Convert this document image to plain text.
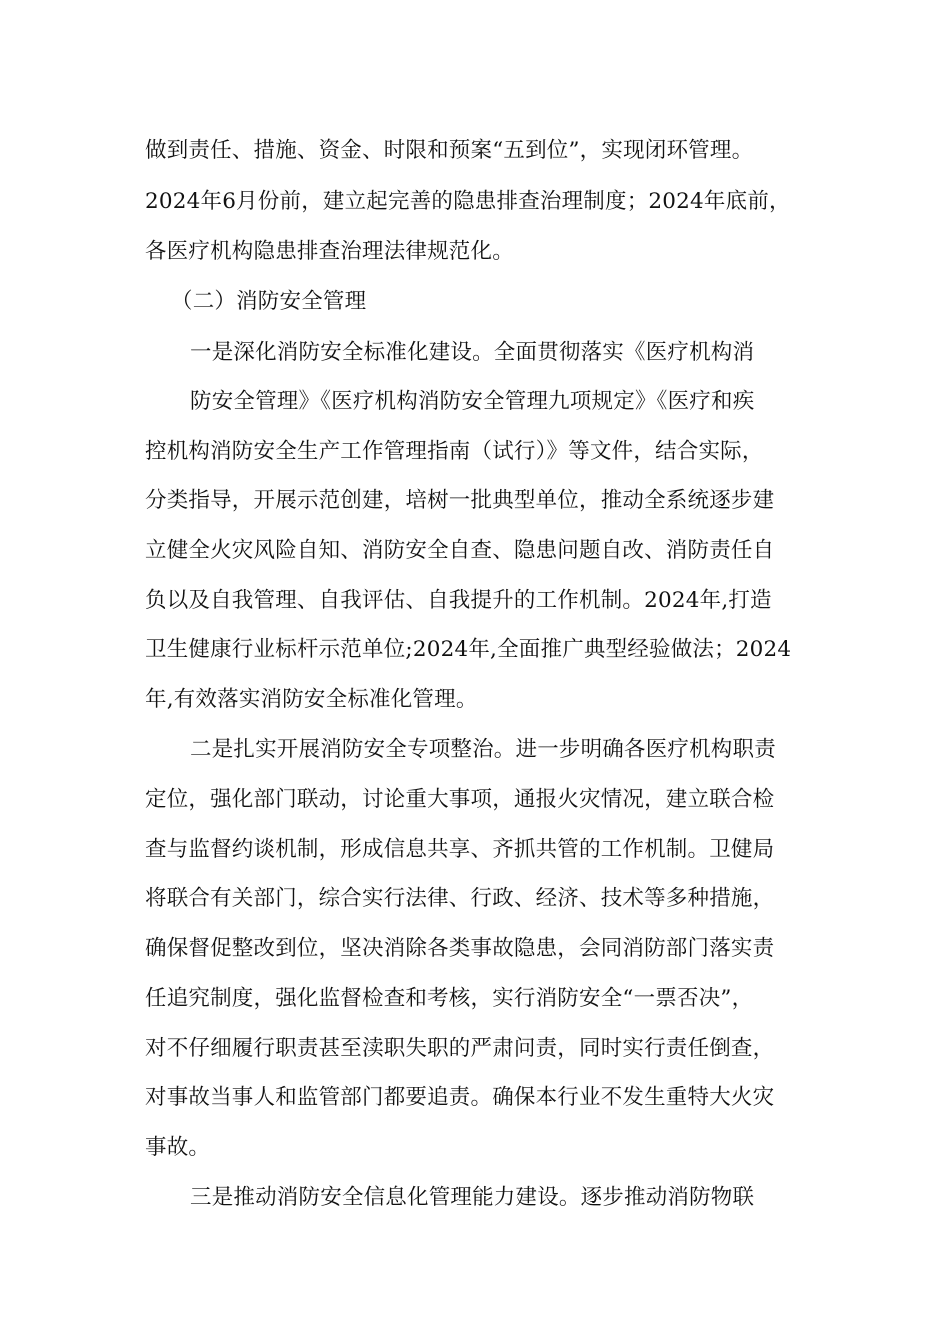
做到责任、措施、资金、时限和预案“五到位”，实现闭环管理。
2024年6月份前，建立起完善的隐患排查治理制度；2024年底前，
各医疗机构隐患排查治理法律规范化。
（二）消防安全管理
一是深化消防安全标准化建设。全面贯彻落实《医疗机构消
防安全管理》《医疗机构消防安全管理九项规定》《医疗和疾
控机构消防安全生产工作管理指南（试行）》等文件，结合实际，
分类指导，开展示范创建，培树一批典型单位，推动全系统逐步建
立健全火灾风险自知、消防安全自查、隐患问题自改、消防责任自
负以及自我管理、自我评估、自我提升的工作机制。2024年,打造
卫生健康行业标杆示范单位;2024年,全面推广典型经验做法；2024
年,有效落实消防安全标准化管理。
二是扎实开展消防安全专项整治。进一步明确各医疗机构职责
定位，强化部门联动，讨论重大事项，通报火灾情况，建立联合检
查与监督约谈机制，形成信息共享、齐抓共管的工作机制。卫健局
将联合有关部门，综合实行法律、行政、经济、技术等多种措施，
确保督促整改到位，坚决消除各类事故隐患，会同消防部门落实责
任追究制度，强化监督检查和考核，实行消防安全“一票否决”，
对不仔细履行职责甚至渎职失职的严肃问责，同时实行责任倒查，
对事故当事人和监管部门都要追责。确保本行业不发生重特大火灾
事故。
三是推动消防安全信息化管理能力建设。逐步推动消防物联
